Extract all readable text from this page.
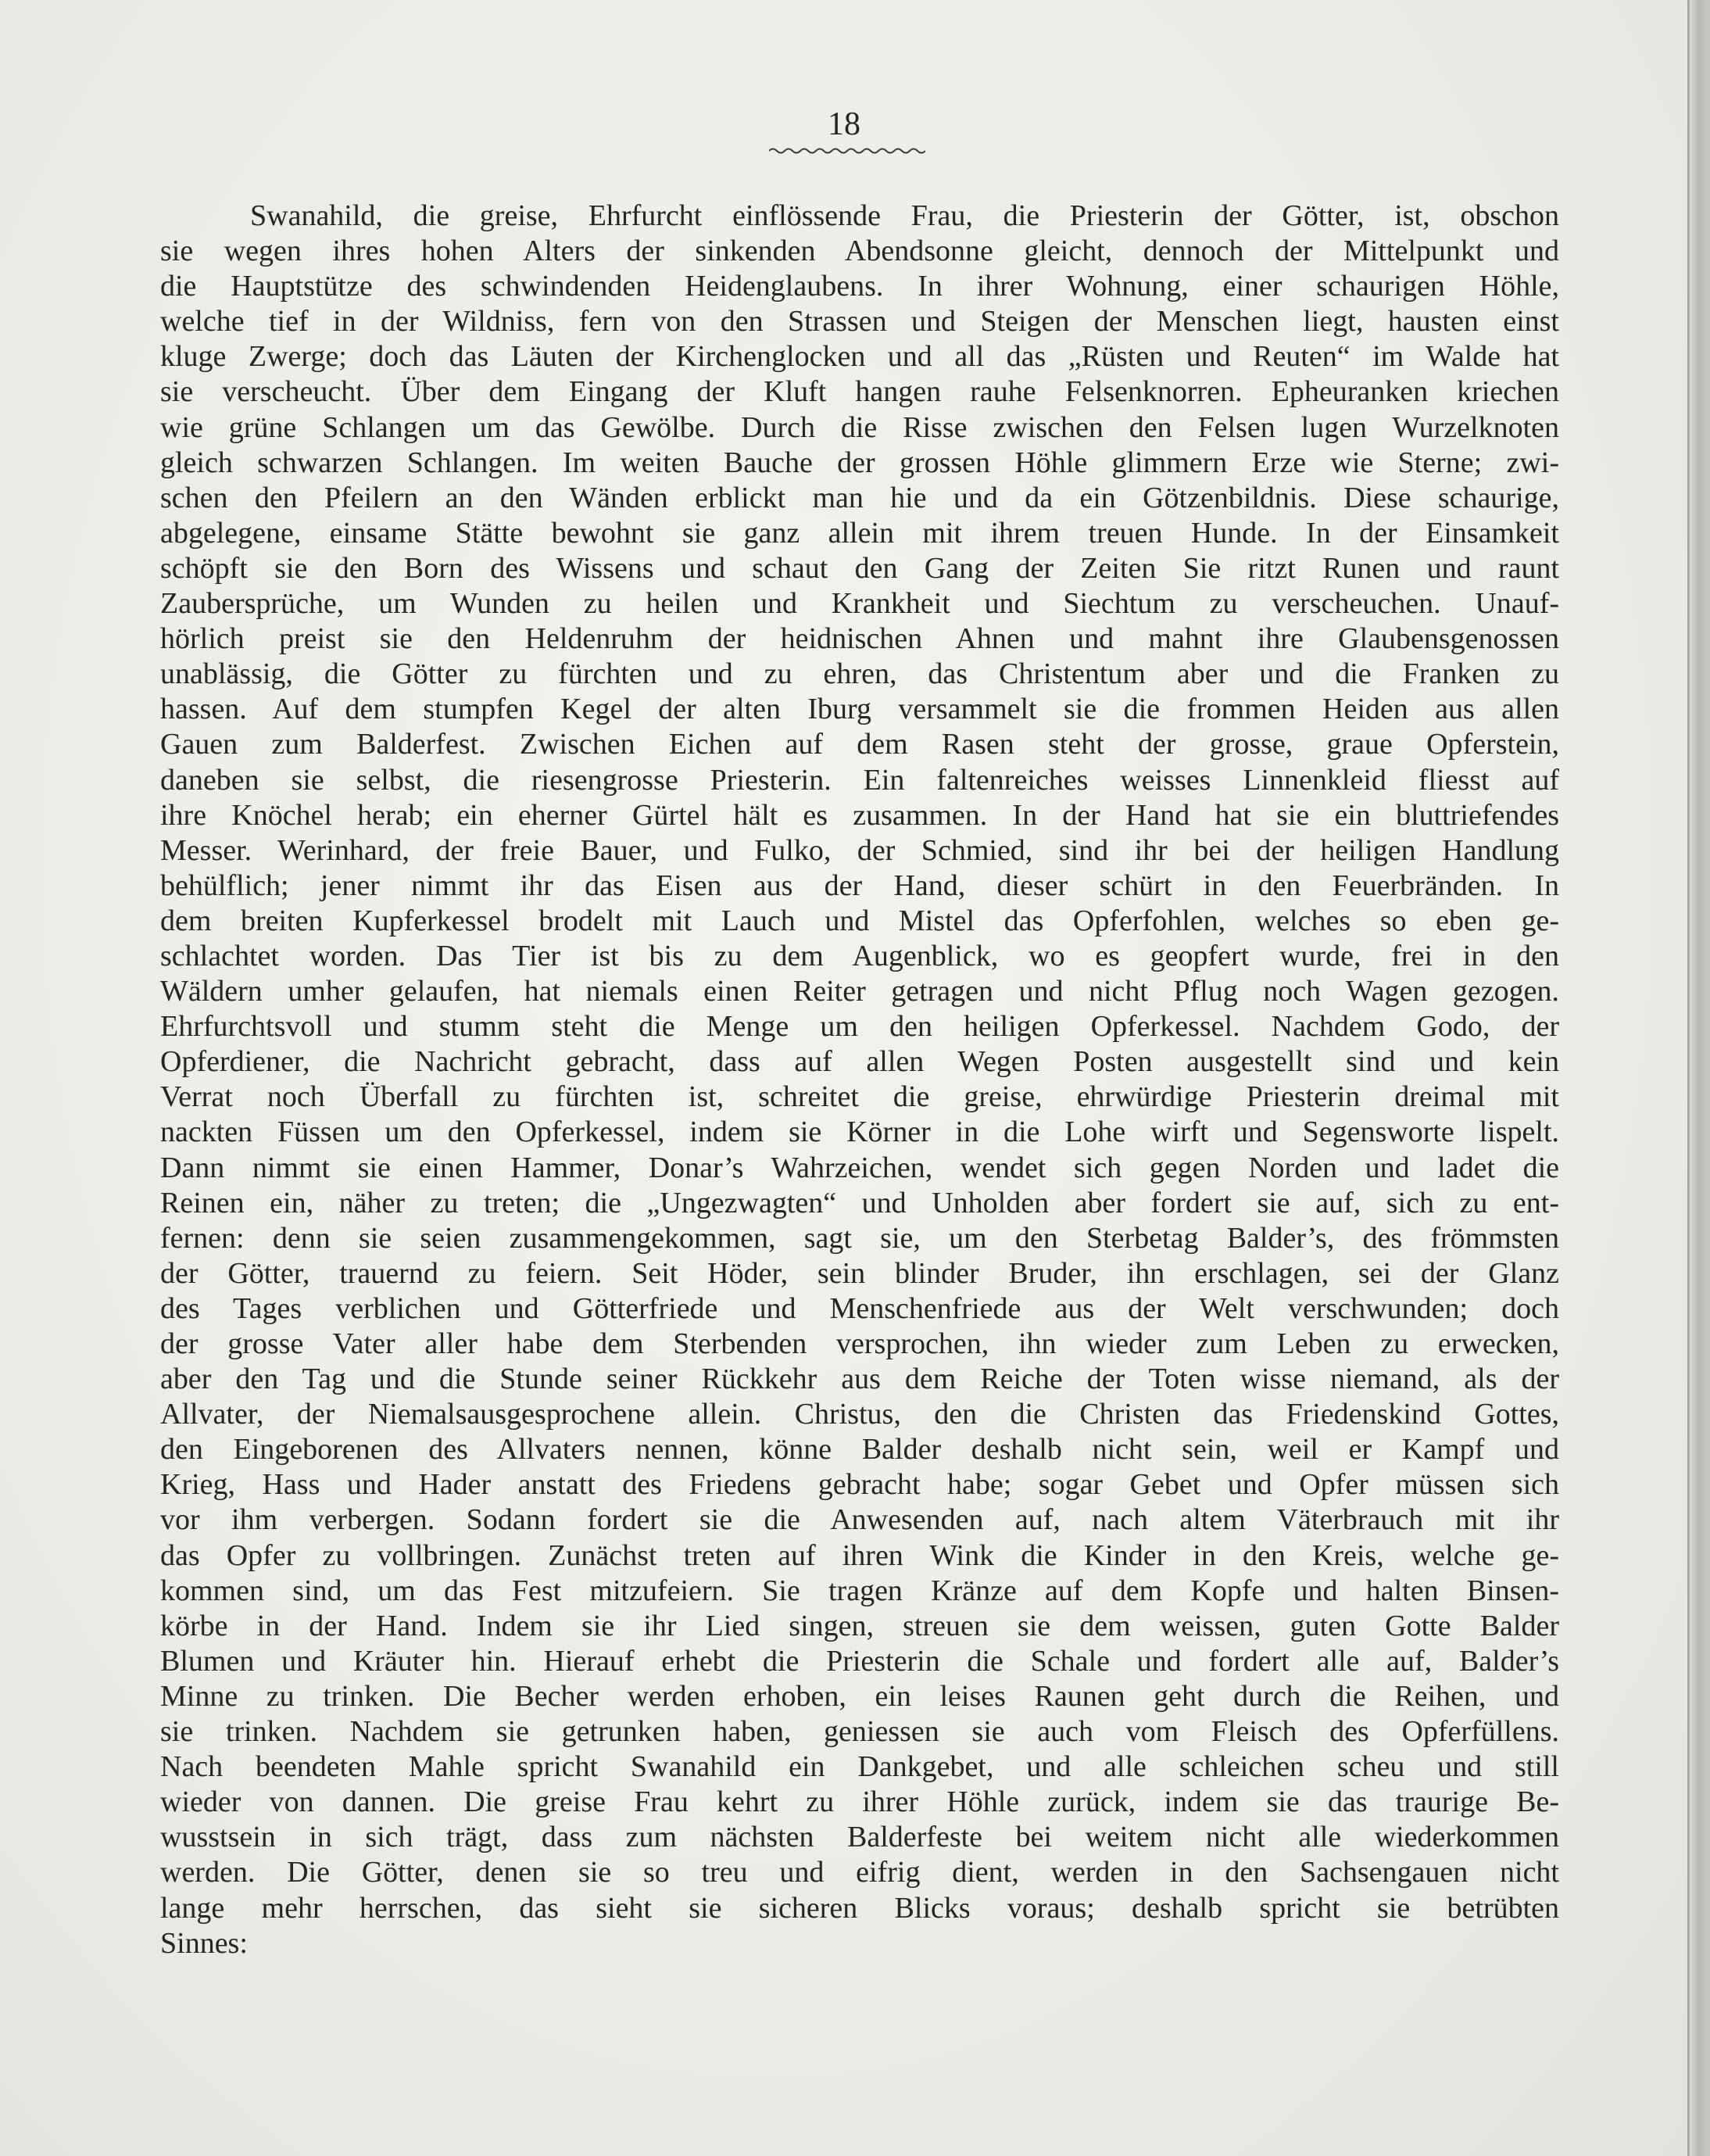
18
Swanahild, die greise, Ehrfurcht einflössende Frau, die Priesterin der Götter, ist, obschon
sie wegen ihres hohen Alters der sinkenden Abendsonne gleicht, dennoch der Mittelpunkt und
die Hauptstütze des schwindenden Heidenglaubens. In ihrer Wohnung, einer schaurigen Höhle,
welche tief in der Wildniss, fern von den Strassen und Steigen der Menschen liegt, hausten einst
kluge Zwerge; doch das Läuten der Kirchenglocken und all das „Rüsten und Reuten“ im Walde hat
sie verscheucht. Über dem Eingang der Kluft hangen rauhe Felsenknorren. Epheuranken kriechen
wie grüne Schlangen um das Gewölbe. Durch die Risse zwischen den Felsen lugen Wurzelknoten
gleich schwarzen Schlangen. Im weiten Bauche der grossen Höhle glimmern Erze wie Sterne; zwi-
schen den Pfeilern an den Wänden erblickt man hie und da ein Götzenbildnis. Diese schaurige,
abgelegene, einsame Stätte bewohnt sie ganz allein mit ihrem treuen Hunde. In der Einsamkeit
schöpft sie den Born des Wissens und schaut den Gang der Zeiten Sie ritzt Runen und raunt
Zaubersprüche, um Wunden zu heilen und Krankheit und Siechtum zu verscheuchen. Unauf-
hörlich preist sie den Heldenruhm der heidnischen Ahnen und mahnt ihre Glaubensgenossen
unablässig, die Götter zu fürchten und zu ehren, das Christentum aber und die Franken zu
hassen. Auf dem stumpfen Kegel der alten Iburg versammelt sie die frommen Heiden aus allen
Gauen zum Balderfest. Zwischen Eichen auf dem Rasen steht der grosse, graue Opferstein,
daneben sie selbst, die riesengrosse Priesterin. Ein faltenreiches weisses Linnenkleid fliesst auf
ihre Knöchel herab; ein eherner Gürtel hält es zusammen. In der Hand hat sie ein bluttriefendes
Messer. Werinhard, der freie Bauer, und Fulko, der Schmied, sind ihr bei der heiligen Handlung
behülflich; jener nimmt ihr das Eisen aus der Hand, dieser schürt in den Feuerbränden. In
dem breiten Kupferkessel brodelt mit Lauch und Mistel das Opferfohlen, welches so eben ge-
schlachtet worden. Das Tier ist bis zu dem Augenblick, wo es geopfert wurde, frei in den
Wäldern umher gelaufen, hat niemals einen Reiter getragen und nicht Pflug noch Wagen gezogen.
Ehrfurchtsvoll und stumm steht die Menge um den heiligen Opferkessel. Nachdem Godo, der
Opferdiener, die Nachricht gebracht, dass auf allen Wegen Posten ausgestellt sind und kein
Verrat noch Überfall zu fürchten ist, schreitet die greise, ehrwürdige Priesterin dreimal mit
nackten Füssen um den Opferkessel, indem sie Körner in die Lohe wirft und Segensworte lispelt.
Dann nimmt sie einen Hammer, Donar’s Wahrzeichen, wendet sich gegen Norden und ladet die
Reinen ein, näher zu treten; die „Ungezwagten“ und Unholden aber fordert sie auf, sich zu ent-
fernen: denn sie seien zusammengekommen, sagt sie, um den Sterbetag Balder’s, des frömmsten
der Götter, trauernd zu feiern. Seit Höder, sein blinder Bruder, ihn erschlagen, sei der Glanz
des Tages verblichen und Götterfriede und Menschenfriede aus der Welt verschwunden; doch
der grosse Vater aller habe dem Sterbenden versprochen, ihn wieder zum Leben zu erwecken,
aber den Tag und die Stunde seiner Rückkehr aus dem Reiche der Toten wisse niemand, als der
Allvater, der Niemalsausgesprochene allein. Christus, den die Christen das Friedenskind Gottes,
den Eingeborenen des Allvaters nennen, könne Balder deshalb nicht sein, weil er Kampf und
Krieg, Hass und Hader anstatt des Friedens gebracht habe; sogar Gebet und Opfer müssen sich
vor ihm verbergen. Sodann fordert sie die Anwesenden auf, nach altem Väterbrauch mit ihr
das Opfer zu vollbringen. Zunächst treten auf ihren Wink die Kinder in den Kreis, welche ge-
kommen sind, um das Fest mitzufeiern. Sie tragen Kränze auf dem Kopfe und halten Binsen-
körbe in der Hand. Indem sie ihr Lied singen, streuen sie dem weissen, guten Gotte Balder
Blumen und Kräuter hin. Hierauf erhebt die Priesterin die Schale und fordert alle auf, Balder’s
Minne zu trinken. Die Becher werden erhoben, ein leises Raunen geht durch die Reihen, und
sie trinken. Nachdem sie getrunken haben, geniessen sie auch vom Fleisch des Opferfüllens.
Nach beendeten Mahle spricht Swanahild ein Dankgebet, und alle schleichen scheu und still
wieder von dannen. Die greise Frau kehrt zu ihrer Höhle zurück, indem sie das traurige Be-
wusstsein in sich trägt, dass zum nächsten Balderfeste bei weitem nicht alle wiederkommen
werden. Die Götter, denen sie so treu und eifrig dient, werden in den Sachsengauen nicht
lange mehr herrschen, das sieht sie sicheren Blicks voraus; deshalb spricht sie betrübten
Sinnes:
